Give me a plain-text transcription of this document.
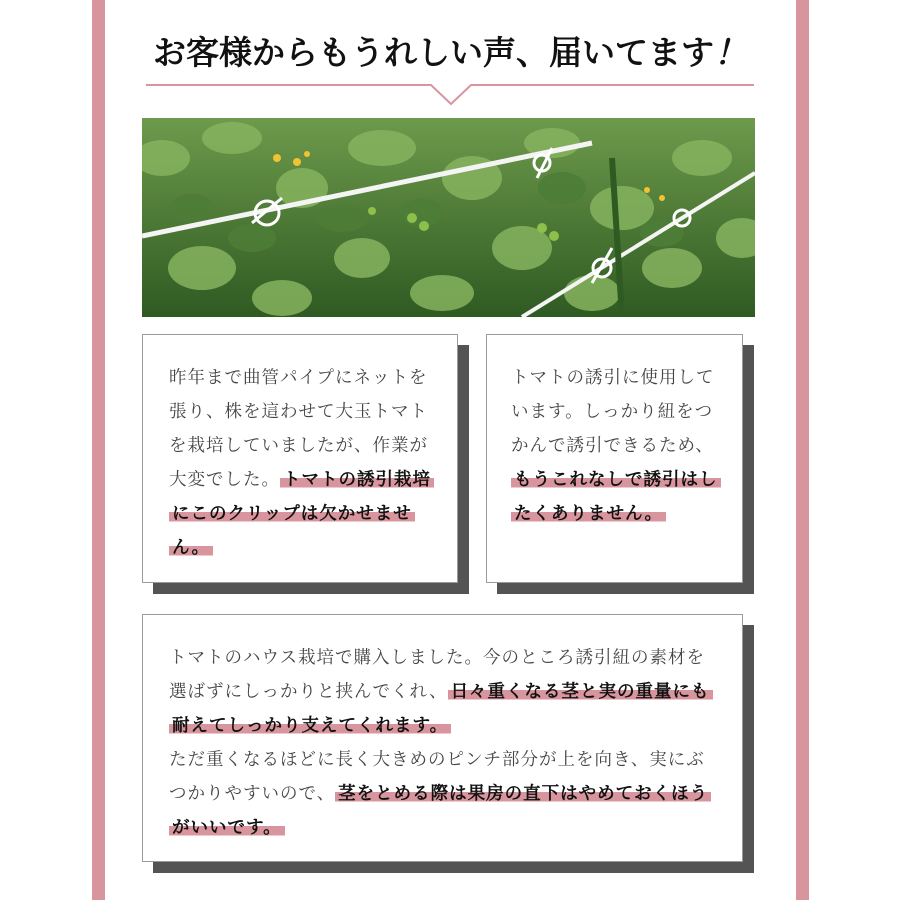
お客様からもうれしい声、届いてます！
昨年まで曲管パイプにネットを張り、株を這わせて大玉トマトを栽培していましたが、作業が大変でした。 トマトの誘引栽培にこのクリップは欠かせません。
トマトの誘引に使用しています。しっかり紐をつかんで誘引できるため、もうこれなしで誘引はしたくありません。
トマトのハウス栽培で購入しました。今のところ誘引紐の素材を選ばずにしっかりと挟んでくれ、 日々重くなる茎と実の重量にも耐えてしっかり支えてくれます。
ただ重くなるほどに長く大きめのピンチ部分が上を向き、実にぶつかりやすいので、 茎をとめる際は果房の直下はやめておくほうがいいです。
